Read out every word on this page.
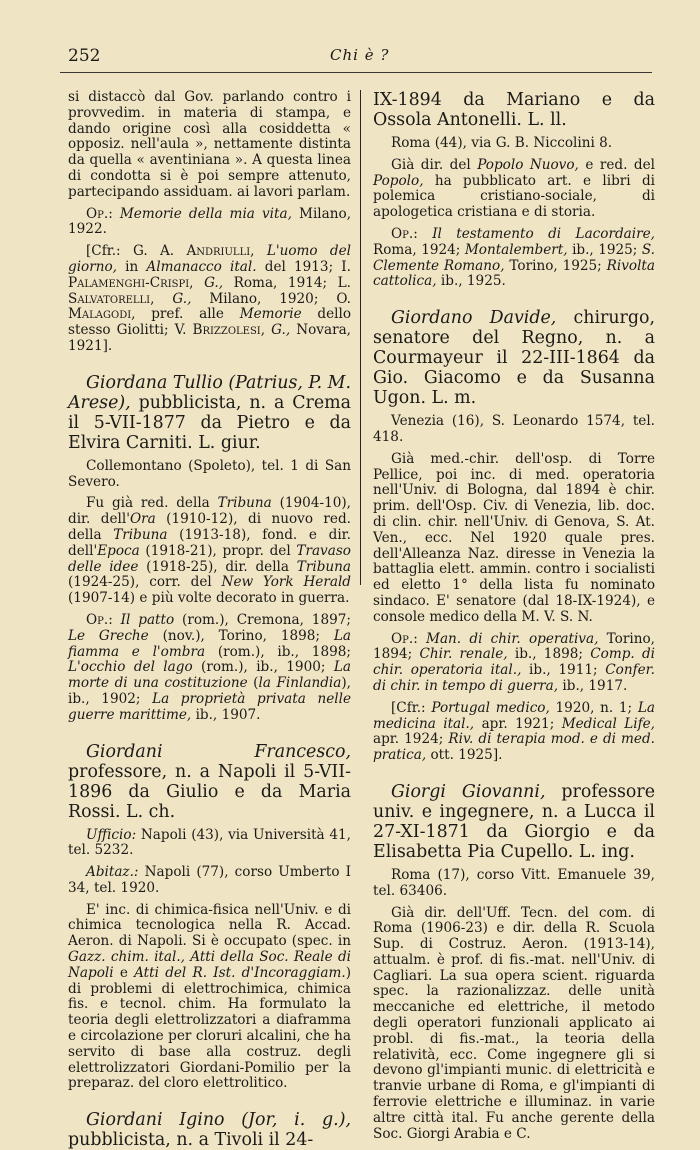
252	Chi è ?

si distaccò dal Gov. parlando contro i provvedim. in materia di stampa, e dando origine così alla cosiddetta « opposiz. nell'aula », nettamente distinta da quella « aventiniana ». A questa linea di condotta si è poi sempre attenuto, partecipando assiduam. ai lavori parlam.

Op.: Memorie della mia vita, Milano, 1922.

[Cfr.: G. A. Andriulli, L'uomo del giorno, in Almanacco ital. del 1913; I. Palamenghi-Crispi, G., Roma, 1914; L. Salvatorelli, G., Milano, 1920; O. Malagodi, pref. alle Memorie dello stesso Giolitti; V. Brizzolesi, G., Novara, 1921].

Giordana Tullio (Patrius, P. M. Arese), pubblicista, n. a Crema il 5-VII-1877 da Pietro e da Elvira Carniti. L. giur.

Collemontano (Spoleto), tel. 1 di San Severo.

Fu già red. della Tribuna (1904-10), dir. dell'Ora (1910-12), di nuovo red. della Tribuna (1913-18), fond. e dir. dell'Epoca (1918-21), propr. del Travaso delle idee (1918-25), dir. della Tribuna (1924-25), corr. del New York Herald (1907-14) e più volte decorato in guerra.

Op.: Il patto (rom.), Cremona, 1897; Le Greche (nov.), Torino, 1898; La fiamma e l'ombra (rom.), ib., 1898; L'occhio del lago (rom.), ib., 1900; La morte di una costituzione (la Finlandia), ib., 1902; La proprietà privata nelle guerre marittime, ib., 1907.

Giordani Francesco, professore, n. a Napoli il 5-VII-1896 da Giulio e da Maria Rossi. L. ch.

Ufficio: Napoli (43), via Università 41, tel. 5232.

Abitaz.: Napoli (77), corso Umberto I 34, tel. 1920.

E' inc. di chimica-fisica nell'Univ. e di chimica tecnologica nella R. Accad. Aeron. di Napoli. Si è occupato (spec. in Gazz. chim. ital., Atti della Soc. Reale di Napoli e Atti del R. Ist. d'Incoraggiam.) di problemi di elettrochimica, chimica fis. e tecnol. chim. Ha formulato la teoria degli elettrolizzatori a diaframma e circolazione per cloruri alcalini, che ha servito di base alla costruz. degli elettrolizzatori Giordani-Pomilio per la preparaz. del cloro elettrolitico.

Giordani Igino (Jor, i. g.), pubblicista, n. a Tivoli il 24-

IX-1894 da Mariano e da Ossola Antonelli. L. ll.

Roma (44), via G. B. Niccolini 8.

Già dir. del Popolo Nuovo, e red. del Popolo, ha pubblicato art. e libri di polemica cristiano-sociale, di apologetica cristiana e di storia.

Op.: Il testamento di Lacordaire, Roma, 1924; Montalembert, ib., 1925; S. Clemente Romano, Torino, 1925; Rivolta cattolica, ib., 1925.

Giordano Davide, chirurgo, senatore del Regno, n. a Courmayeur il 22-III-1864 da Gio. Giacomo e da Susanna Ugon. L. m.

Venezia (16), S. Leonardo 1574, tel. 418.

Già med.-chir. dell'osp. di Torre Pellice, poi inc. di med. operatoria nell'Univ. di Bologna, dal 1894 è chir. prim. dell'Osp. Civ. di Venezia, lib. doc. di clin. chir. nell'Univ. di Genova, S. At. Ven., ecc. Nel 1920 quale pres. dell'Alleanza Naz. diresse in Venezia la battaglia elett. ammin. contro i socialisti ed eletto 1° della lista fu nominato sindaco. E' senatore (dal 18-IX-1924), e console medico della M. V. S. N.

Op.: Man. di chir. operativa, Torino, 1894; Chir. renale, ib., 1898; Comp. di chir. operatoria ital., ib., 1911; Confer. di chir. in tempo di guerra, ib., 1917.

[Cfr.: Portugal medico, 1920, n. 1; La medicina ital., apr. 1921; Medical Life, apr. 1924; Riv. di terapia mod. e di med. pratica, ott. 1925].

Giorgi Giovanni, professore univ. e ingegnere, n. a Lucca il 27-XI-1871 da Giorgio e da Elisabetta Pia Cupello. L. ing.

Roma (17), corso Vitt. Emanuele 39, tel. 63406.

Già dir. dell'Uff. Tecn. del com. di Roma (1906-23) e dir. della R. Scuola Sup. di Costruz. Aeron. (1913-14), attualm. è prof. di fis.-mat. nell'Univ. di Cagliari. La sua opera scient. riguarda spec. la razionalizzaz. delle unità meccaniche ed elettriche, il metodo degli operatori funzionali applicato ai probl. di fis.-mat., la teoria della relatività, ecc. Come ingegnere gli si devono gl'impianti munic. di elettricità e tranvie urbane di Roma, e gl'impianti di ferrovie elettriche e illuminaz. in varie altre città ital. Fu anche gerente della Soc. Giorgi Arabia e C.
